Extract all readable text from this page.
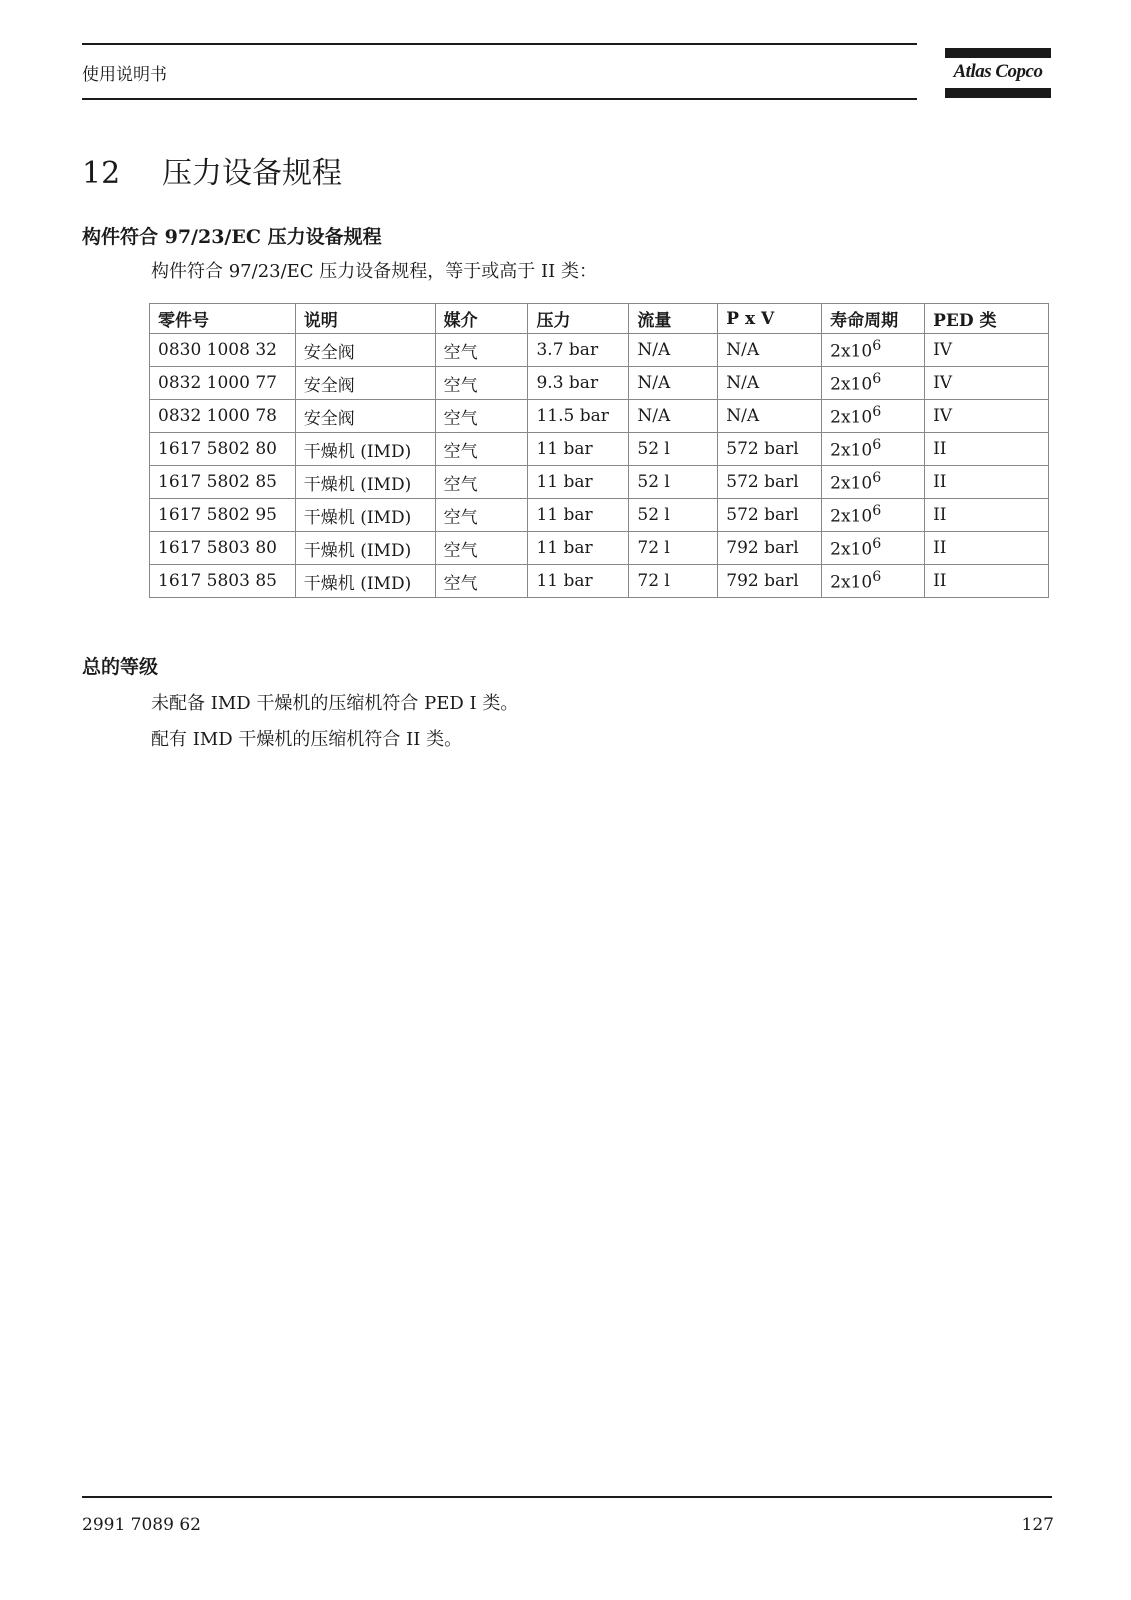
使用说明书	Atlas Copco
12 压力设备规程
构件符合 97/23/EC 压力设备规程
构件符合 97/23/EC 压力设备规程，等于或高于 II 类：
零件号	说明	媒介	压力	流量	P x V	寿命周期	PED 类
0830 1008 32	安全阀	空气	3.7 bar	N/A	N/A	$2x10^6$	IV
0832 1000 77	安全阀	空气	9.3 bar	N/A	N/A	$2x10^6$	IV
0832 1000 78	安全阀	空气	11.5 bar	N/A	N/A	$2x10^6$	IV
1617 5802 80	干燥机 (IMD)	空气	11 bar	52 l	572 barl	$2x10^6$	II
1617 5802 85	干燥机 (IMD)	空气	11 bar	52 l	572 barl	$2x10^6$	II
1617 5802 95	干燥机 (IMD)	空气	11 bar	52 l	572 barl	$2x10^6$	II
1617 5803 80	干燥机 (IMD)	空气	11 bar	72 l	792 barl	$2x10^6$	II
1617 5803 85	干燥机 (IMD)	空气	11 bar	72 l	792 barl	$2x10^6$	II
总的等级
未配备 IMD 干燥机的压缩机符合 PED I 类。
配有 IMD 干燥机的压缩机符合 II 类。
2991 7089 62	127
